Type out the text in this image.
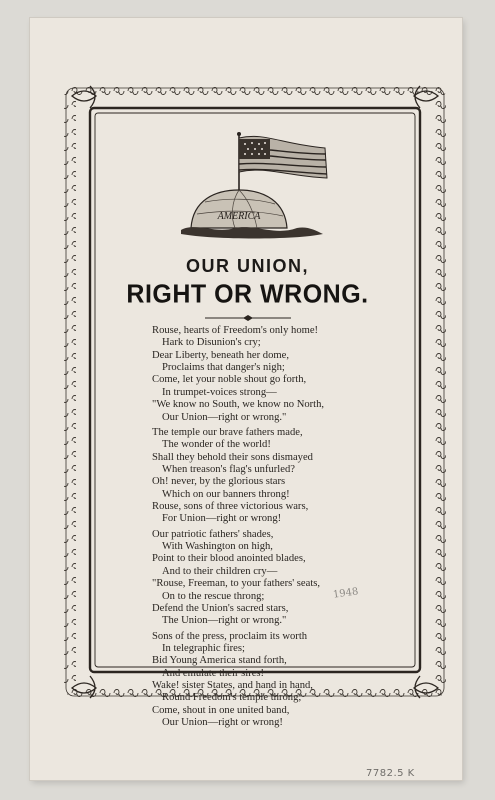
AMERICA
OUR UNION,
RIGHT OR WRONG.
Rouse, hearts of Freedom's only home!
Hark to Disunion's cry;
Dear Liberty, beneath her dome,
Proclaims that danger's nigh;
Come, let your noble shout go forth,
In trumpet-voices strong—
"We know no South, we know no North,
Our Union—right or wrong."
The temple our brave fathers made,
The wonder of the world!
Shall they behold their sons dismayed
When treason's flag's unfurled?
Oh! never, by the glorious stars
Which on our banners throng!
Rouse, sons of three victorious wars,
For Union—right or wrong!
Our patriotic fathers' shades,
With Washington on high,
Point to their blood anointed blades,
And to their children cry—
"Rouse, Freeman, to your fathers' seats,
On to the rescue throng;
Defend the Union's sacred stars,
The Union—right or wrong."
Sons of the press, proclaim its worth
In telegraphic fires;
Bid Young America stand forth,
And emulate their sires!
Wake! sister States, and hand in hand,
Round Freedom's temple throng;
Come, shout in one united band,
Our Union—right or wrong!
1948
7782.5 K
